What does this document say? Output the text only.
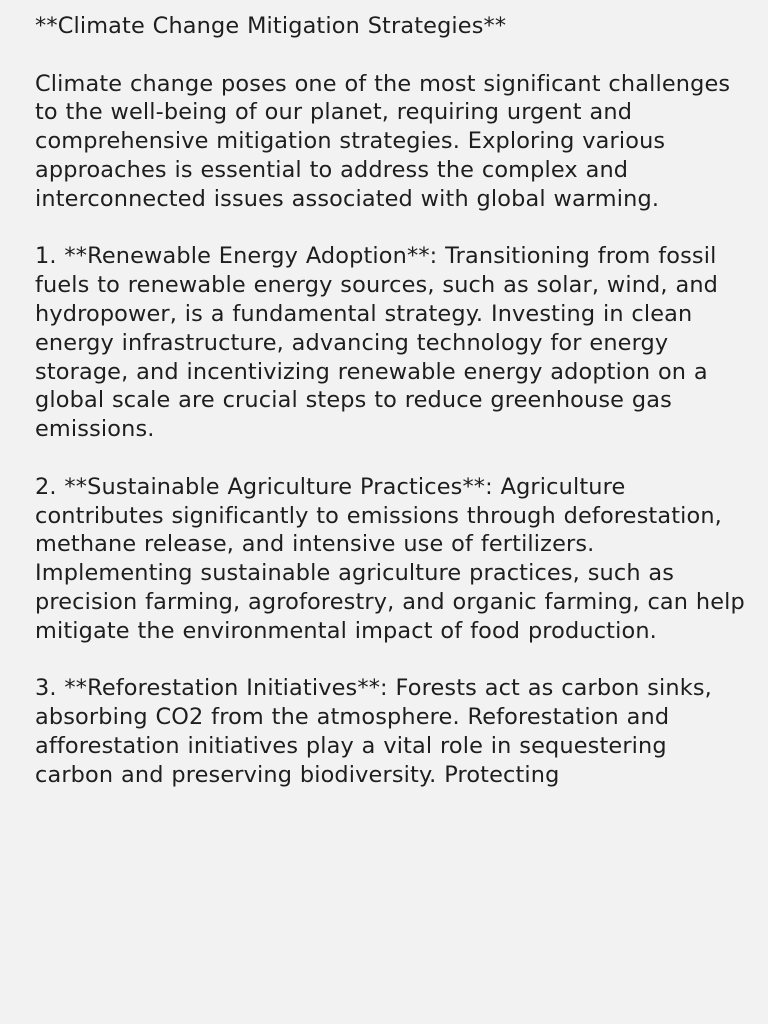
**Climate Change Mitigation Strategies**

Climate change poses one of the most significant challenges to the well-being of our planet, requiring urgent and comprehensive mitigation strategies. Exploring various approaches is essential to address the complex and interconnected issues associated with global warming.

1. **Renewable Energy Adoption**: Transitioning from fossil fuels to renewable energy sources, such as solar, wind, and hydropower, is a fundamental strategy. Investing in clean energy infrastructure, advancing technology for energy storage, and incentivizing renewable energy adoption on a global scale are crucial steps to reduce greenhouse gas emissions.

2. **Sustainable Agriculture Practices**: Agriculture contributes significantly to emissions through deforestation, methane release, and intensive use of fertilizers. Implementing sustainable agriculture practices, such as precision farming, agroforestry, and organic farming, can help mitigate the environmental impact of food production.

3. **Reforestation Initiatives**: Forests act as carbon sinks, absorbing CO2 from the atmosphere. Reforestation and afforestation initiatives play a vital role in sequestering carbon and preserving biodiversity. Protecting
